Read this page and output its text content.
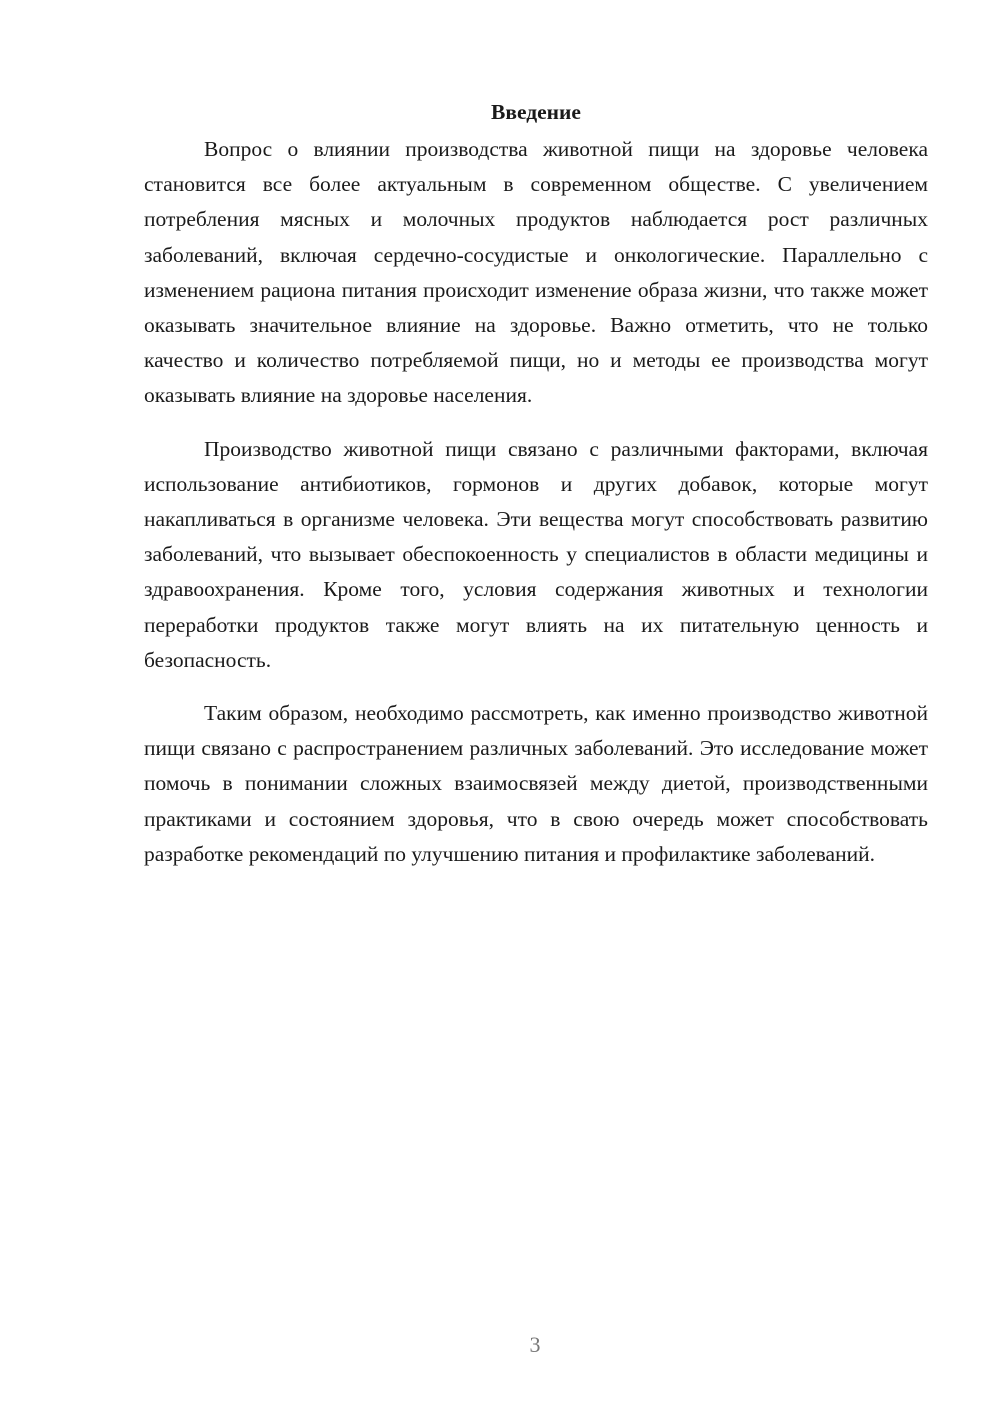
Введение

Вопрос о влиянии производства животной пищи на здоровье человека становится все более актуальным в современном обществе. С увеличением потребления мясных и молочных продуктов наблюдается рост различных заболеваний, включая сердечно-сосудистые и онкологические. Параллельно с изменением рациона питания происходит изменение образа жизни, что также может оказывать значительное влияние на здоровье. Важно отметить, что не только качество и количество потребляемой пищи, но и методы ее производства могут оказывать влияние на здоровье населения.

Производство животной пищи связано с различными факторами, включая использование антибиотиков, гормонов и других добавок, которые могут накапливаться в организме человека. Эти вещества могут способствовать развитию заболеваний, что вызывает обеспокоенность у специалистов в области медицины и здравоохранения. Кроме того, условия содержания животных и технологии переработки продуктов также могут влиять на их питательную ценность и безопасность.

Таким образом, необходимо рассмотреть, как именно производство животной пищи связано с распространением различных заболеваний. Это исследование может помочь в понимании сложных взаимосвязей между диетой, производственными практиками и состоянием здоровья, что в свою очередь может способствовать разработке рекомендаций по улучшению питания и профилактике заболеваний.

3
